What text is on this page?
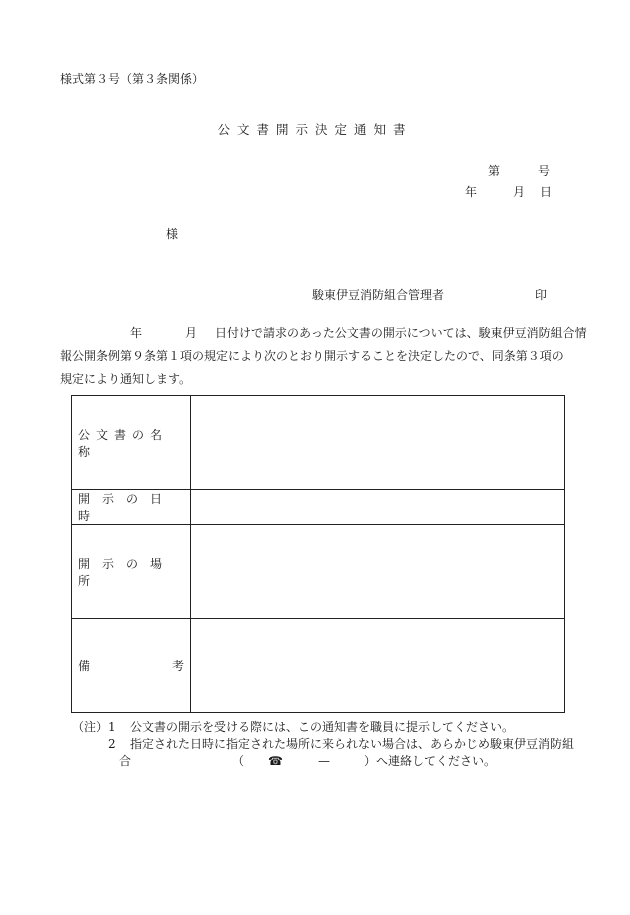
様式第３号（第３条関係）
公文書開示決定通知書
第	号
年	月	日
様
駿東伊豆消防組合管理者	印
年	月 日付けで請求のあった公文書の開示については、駿東伊豆消防組合情
報公開条例第９条第１項の規定により次のとおり開示することを決定したので、同条第３項の
規定により通知します。
公文書の名称	

開示の日時	

開示の場所	

備 考	

（注）1 公文書の開示を受ける際には、この通知書を職員に提示してください。
2 指定された日時に指定された場所に来られない場合は、あらかじめ駿東伊豆消防組
合	（ ☎	—	）へ連絡してください。
